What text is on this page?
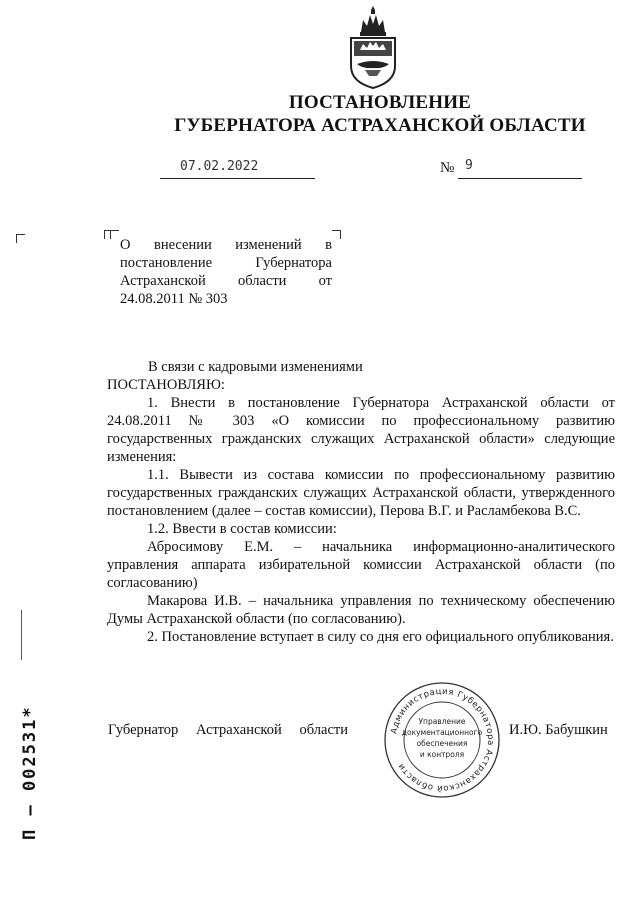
ПОСТАНОВЛЕНИЕ
ГУБЕРНАТОРА АСТРАХАНСКОЙ ОБЛАСТИ
07.02.2022	№ 9
О внесении изменений в постановление Губернатора Астраханской области от 24.08.2011 № 303

В связи с кадровыми изменениями

ПОСТАНОВЛЯЮ:

1. Внести в постановление Губернатора Астраханской области от 24.08.2011 № 303 «О комиссии по профессиональному развитию государственных гражданских служащих Астраханской области» следующие изменения:

1.1. Вывести из состава комиссии по профессиональному развитию государственных гражданских служащих Астраханской области, утвержденного постановлением (далее – состав комиссии), Перова В.Г. и Расламбекова В.С.

1.2. Ввести в состав комиссии:

Абросимову Е.М. – начальника информационно-аналитического управления аппарата избирательной комиссии Астраханской области (по согласованию)

Макарова И.В. – начальника управления по техническому обеспечению Думы Астраханской области (по согласованию).

2. Постановление вступает в силу со дня его официального опубликования.

Губернатор Астраханской области	И.Ю. Бабушкин
Администрация Губернатора Астраханской области
Управление
документационного
обеспечения
и контроля
П – 002531*
